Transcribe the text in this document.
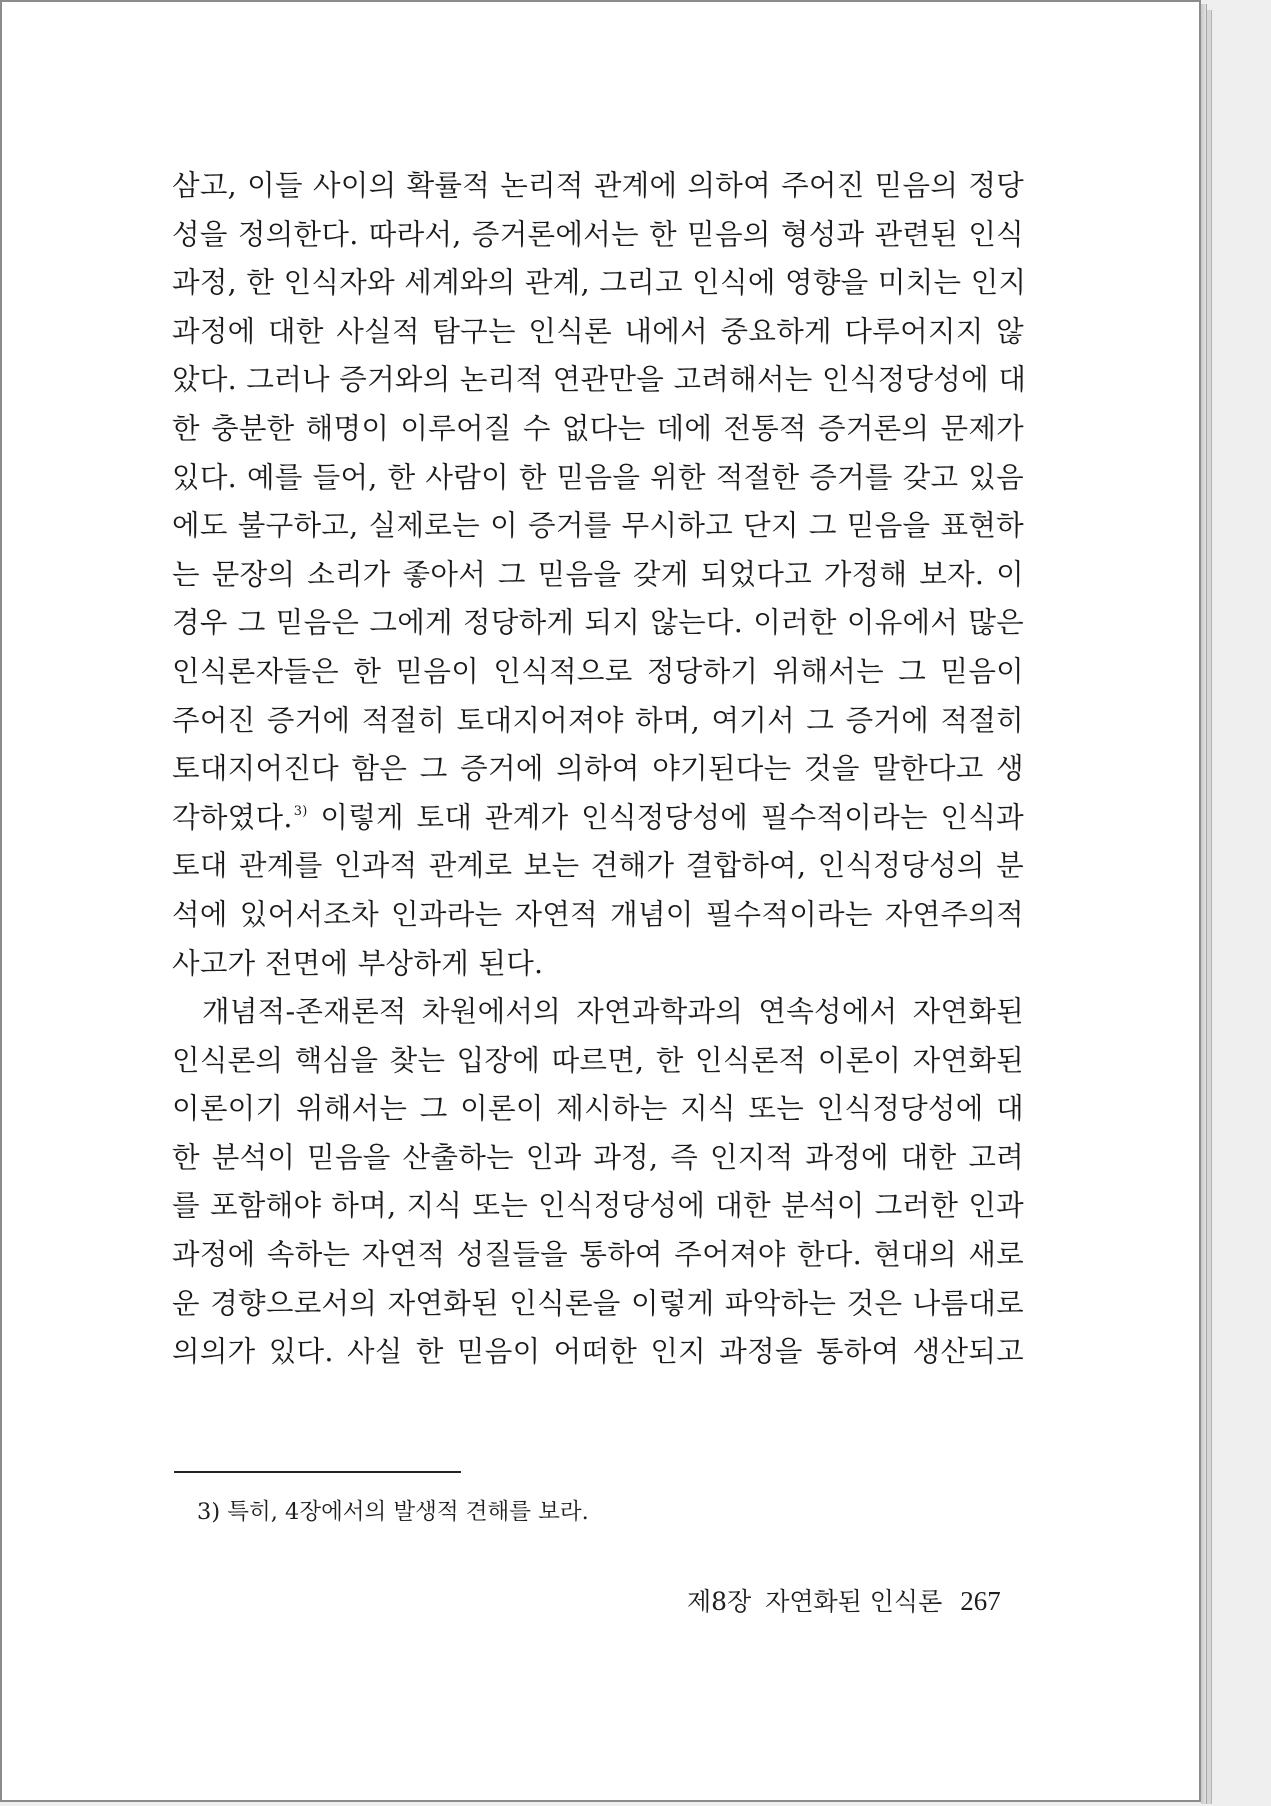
삼고, 이들 사이의 확률적 논리적 관계에 의하여 주어진 믿음의 정당
성을 정의한다. 따라서, 증거론에서는 한 믿음의 형성과 관련된 인식
과정, 한 인식자와 세계와의 관계, 그리고 인식에 영향을 미치는 인지
과정에 대한 사실적 탐구는 인식론 내에서 중요하게 다루어지지 않
았다. 그러나 증거와의 논리적 연관만을 고려해서는 인식정당성에 대
한 충분한 해명이 이루어질 수 없다는 데에 전통적 증거론의 문제가
있다. 예를 들어, 한 사람이 한 믿음을 위한 적절한 증거를 갖고 있음
에도 불구하고, 실제로는 이 증거를 무시하고 단지 그 믿음을 표현하
는 문장의 소리가 좋아서 그 믿음을 갖게 되었다고 가정해 보자. 이
경우 그 믿음은 그에게 정당하게 되지 않는다. 이러한 이유에서 많은
인식론자들은 한 믿음이 인식적으로 정당하기 위해서는 그 믿음이
주어진 증거에 적절히 토대지어져야 하며, 여기서 그 증거에 적절히
토대지어진다 함은 그 증거에 의하여 야기된다는 것을 말한다고 생
각하였다.$^{3)}$ 이렇게 토대 관계가 인식정당성에 필수적이라는 인식과
토대 관계를 인과적 관계로 보는 견해가 결합하여, 인식정당성의 분
석에 있어서조차 인과라는 자연적 개념이 필수적이라는 자연주의적
사고가 전면에 부상하게 된다.
개념적-존재론적 차원에서의 자연과학과의 연속성에서 자연화된
인식론의 핵심을 찾는 입장에 따르면, 한 인식론적 이론이 자연화된
이론이기 위해서는 그 이론이 제시하는 지식 또는 인식정당성에 대
한 분석이 믿음을 산출하는 인과 과정, 즉 인지적 과정에 대한 고려
를 포함해야 하며, 지식 또는 인식정당성에 대한 분석이 그러한 인과
과정에 속하는 자연적 성질들을 통하여 주어져야 한다. 현대의 새로
운 경향으로서의 자연화된 인식론을 이렇게 파악하는 것은 나름대로
의의가 있다. 사실 한 믿음이 어떠한 인지 과정을 통하여 생산되고
3) 특히, 4장에서의 발생적 견해를 보라.
제8장 자연화된 인식론 267
